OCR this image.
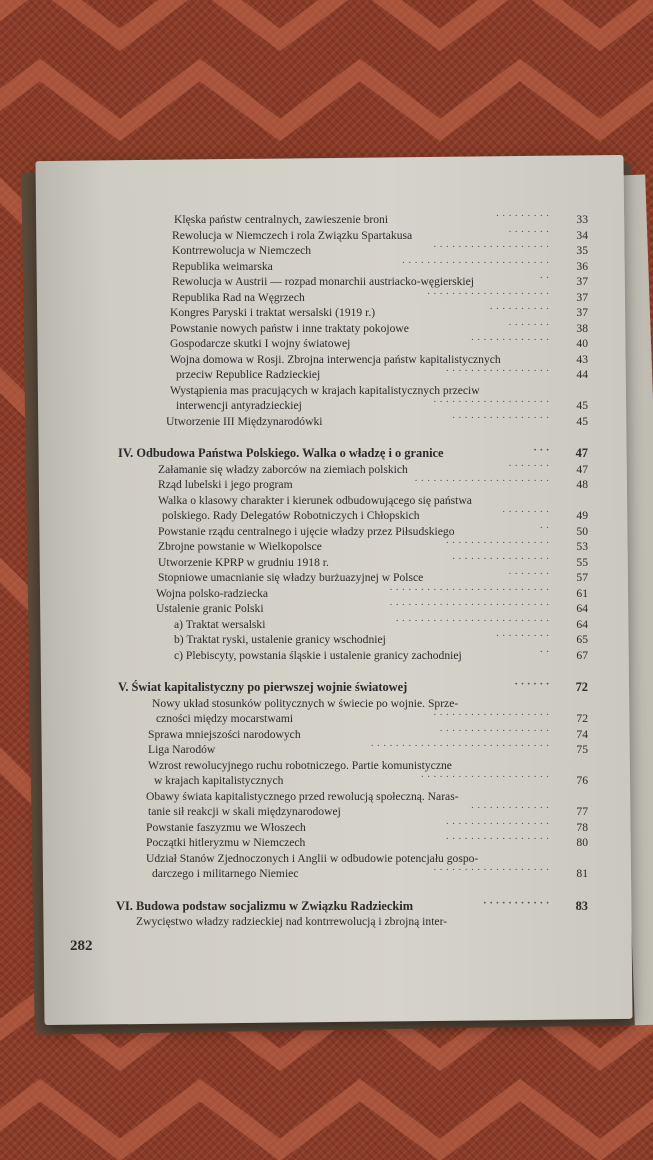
Klęska państw centralnych, zawieszenie broni	·········	33
Rewolucja w Niemczech i rola Związku Spartakusa	·······	34
Kontrrewolucja w Niemczech	···················	35
Republika weimarska	························	36
Rewolucja w Austrii — rozpad monarchii austriacko-węgierskiej	··	37
Republika Rad na Węgrzech	····················	37
Kongres Paryski i traktat wersalski (1919 r.)	··········	37
Powstanie nowych państw i inne traktaty pokojowe	·······	38
Gospodarcze skutki I wojny światowej	·············	40
Wojna domowa w Rosji. Zbrojna interwencja państw kapitalistycznych	43
przeciw Republice Radzieckiej	·················	44
Wystąpienia mas pracujących w krajach kapitalistycznych przeciw
interwencji antyradzieckiej	···················	45
Utworzenie III Międzynarodówki	················	45
IV. Odbudowa Państwa Polskiego. Walka o władzę i o granice	···	47
Załamanie się władzy zaborców na ziemiach polskich	·······	47
Rząd lubelski i jego program	······················	48
Walka o klasowy charakter i kierunek odbudowującego się państwa
polskiego. Rady Delegatów Robotniczych i Chłopskich	········	49
Powstanie rządu centralnego i ujęcie władzy przez Piłsudskiego	··	50
Zbrojne powstanie w Wielkopolsce	·················	53
Utworzenie KPRP w grudniu 1918 r.	················	55
Stopniowe umacnianie się władzy burżuazyjnej w Polsce	·······	57
Wojna polsko-radziecka	··························	61
Ustalenie granic Polski	··························	64
a) Traktat wersalski	·························	64
b) Traktat ryski, ustalenie granicy wschodniej	·········	65
c) Plebiscyty, powstania śląskie i ustalenie granicy zachodniej	··	67
V. Świat kapitalistyczny po pierwszej wojnie światowej	······	72
Nowy układ stosunków politycznych w świecie po wojnie. Sprze-
czności między mocarstwami	···················	72
Sprawa mniejszości narodowych	··················	74
Liga Narodów	·····························	75
Wzrost rewolucyjnego ruchu robotniczego. Partie komunistyczne
w krajach kapitalistycznych	·····················	76
Obawy świata kapitalistycznego przed rewolucją społeczną. Naras-
tanie sił reakcji w skali międzynarodowej	·············	77
Powstanie faszyzmu we Włoszech	·················	78
Początki hitleryzmu w Niemczech	·················	80
Udział Stanów Zjednoczonych i Anglii w odbudowie potencjału gospo-
darczego i militarnego Niemiec	···················	81
VI. Budowa podstaw socjalizmu w Związku Radzieckim	···········	83
Zwycięstwo władzy radzieckiej nad kontrrewolucją i zbrojną inter-
282
